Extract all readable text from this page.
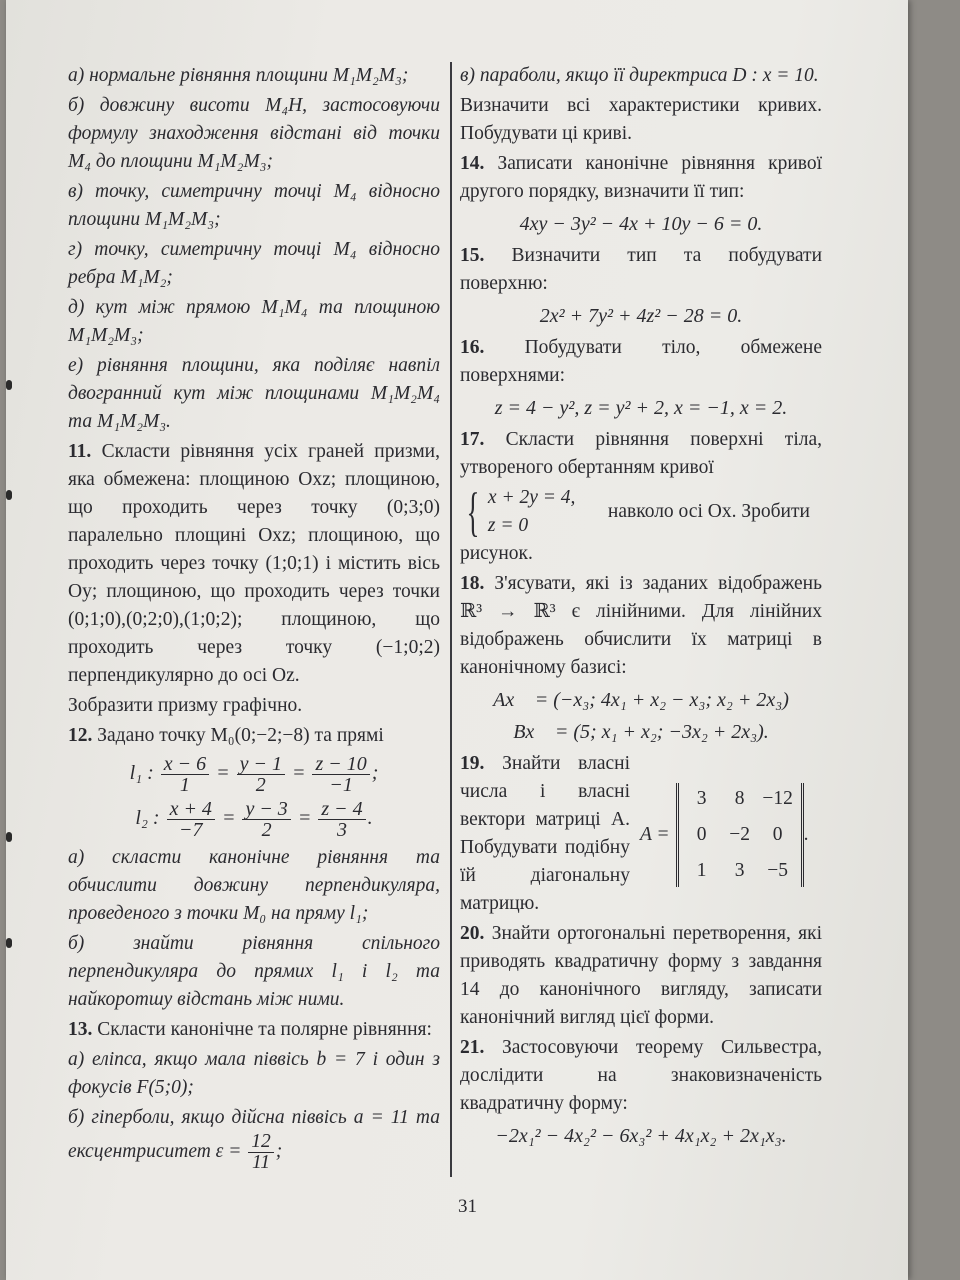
а) нормальне рівняння площини M₁M₂M₃;

б) довжину висоти M₄H, застосовуючи формулу знаходження відстані від точки M₄ до площини M₁M₂M₃;

в) точку, симетричну точці M₄ відносно площини M₁M₂M₃;

г) точку, симетричну точці M₄ відносно ребра M₁M₂;

д) кут між прямою M₁M₄ та площиною M₁M₂M₃;

е) рівняння площини, яка поділяє навпіл двогранний кут між площинами M₁M₂M₄ та M₁M₂M₃.

11. Скласти рівняння усіх граней призми, яка обмежена: площиною Oxz; площиною, що проходить через точку (0;3;0) паралельно площині Oxz; площиною, що проходить через точку (1;0;1) і містить вісь Oy; площиною, що проходить через точки (0;1;0),(0;2;0),(1;0;2); площиною, що проходить через точку (−1;0;2) перпендикулярно до осі Oz.

Зобразити призму графічно.

12. Задано точку M₀(0;−2;−8) та прямі

l₁ : $\frac{x - 6}{1} = \frac{y - 1}{2} = \frac{z - 10}{-1}$ ;
l₂ : $\frac{x + 4}{-7} = \frac{y - 3}{2} = \frac{z - 4}{3}$ .

а) скласти канонічне рівняння та обчислити довжину перпендикуляра, проведеного з точки M₀ на пряму l₁;

б) знайти рівняння спільного перпендикуляра до прямих l₁ і l₂ та найкоротшу відстань між ними.

13. Скласти канонічне та полярне рівняння:

а) еліпса, якщо мала піввісь b = 7 і один з фокусів F(5;0);

б) гіперболи, якщо дійсна піввісь a = 11 та ексцентриситет $\varepsilon = \frac{12}{11}$ ;

в) параболи, якщо її директриса D : x = 10.

Визначити всі характеристики кривих. Побудувати ці криві.

14. Записати канонічне рівняння кривої другого порядку, визначити її тип:

4xy − 3y² − 4x + 10y − 6 = 0.

15. Визначити тип та побудувати поверхню:

2x² + 7y² + 4z² − 28 = 0.

16. Побудувати тіло, обмежене поверхнями:

z = 4 − y², z = y² + 2, x = −1, x = 2.

17. Скласти рівняння поверхні тіла, утвореного обертанням кривої

{ x + 2y = 4,
z = 0
навколо осі Ox. Зробити

рисунок.

18. З'ясувати, які із заданих відображень ℝ³ → ℝ³ є лінійними. Для лінійних відображень обчислити їх матриці в канонічному базисі:

Ax⃗ = (−x₃; 4x₁ + x₂ − x₃; x₂ + 2x₃)
Bx⃗ = (5; x₁ + x₂; −3x₂ + 2x₃).

19. Знайти власні числа і власні вектори матриці A. Побудувати подібну їй діагональну матрицю.

A =
3	8 −12
0	−2	0
1	3	−5
.

20. Знайти ортогональні перетворення, які приводять квадратичну форму з завдання 14 до канонічного вигляду, записати канонічний вигляд цієї форми.

21. Застосовуючи теорему Сильвестра, дослідити на знаковизначеність квадратичну форму:

−2x₁² − 4x₂² − 6x₃² + 4x₁x₂ + 2x₁x₃.
31
